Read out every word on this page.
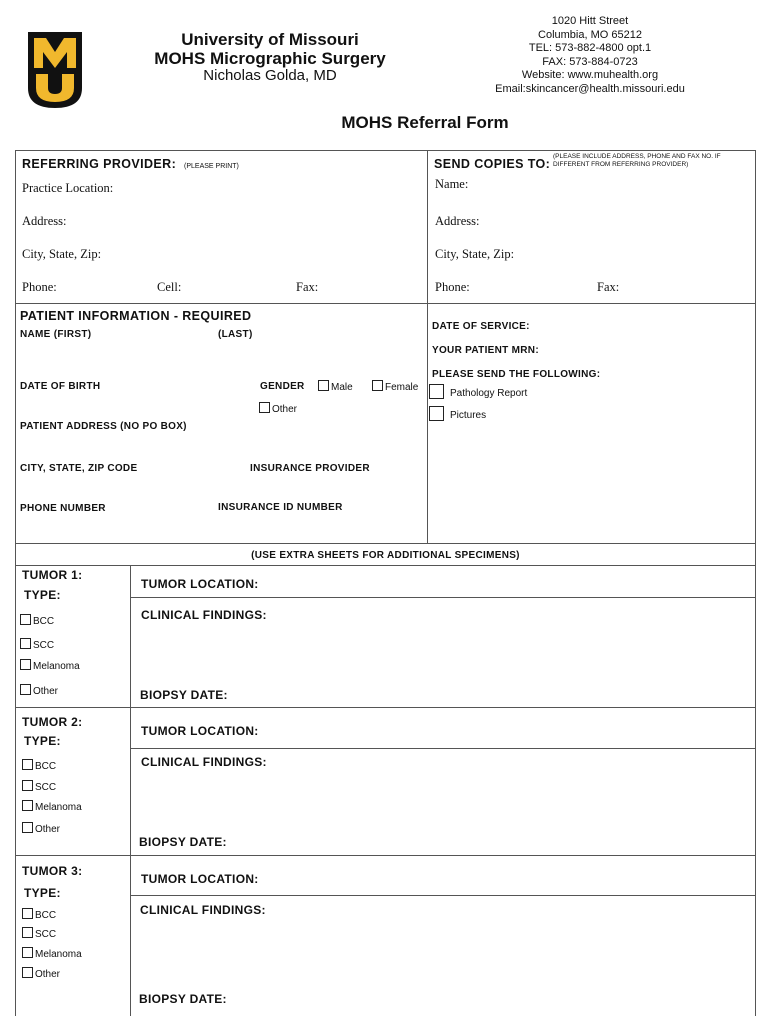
University of Missouri
MOHS Micrographic Surgery
Nicholas Golda, MD
1020 Hitt Street
Columbia, MO 65212
TEL: 573-882-4800 opt.1
FAX: 573-884-0723
Website: www.muhealth.org
Email:skincancer@health.missouri.edu
MOHS Referral Form
REFERRING PROVIDER: (PLEASE PRINT)
Practice Location:
Address:
City, State, Zip:
Phone:	Cell:	Fax:
SEND COPIES TO:
(PLEASE INCLUDE ADDRESS, PHONE AND FAX NO. IF DIFFERENT FROM REFERRING PROVIDER)
Name:
Address:
City, State, Zip:
Phone:	Fax:
PATIENT INFORMATION - REQUIRED
NAME (FIRST)	(LAST)
DATE OF BIRTH	GENDER	Male	Female
Other
PATIENT ADDRESS (NO PO BOX)
CITY, STATE, ZIP CODE	INSURANCE PROVIDER
PHONE NUMBER	INSURANCE ID NUMBER
DATE OF SERVICE:
YOUR PATIENT MRN:
PLEASE SEND THE FOLLOWING:
Pathology Report
Pictures
(USE EXTRA SHEETS FOR ADDITIONAL SPECIMENS)
TUMOR 1:
TYPE:
BCC
SCC
Melanoma
Other
TUMOR LOCATION:
CLINICAL FINDINGS:
BIOPSY DATE:
TUMOR 2:
TYPE:
BCC
SCC
Melanoma
Other
TUMOR LOCATION:
CLINICAL FINDINGS:
BIOPSY DATE:
TUMOR 3:
TYPE:
BCC
SCC
Melanoma
Other
TUMOR LOCATION:
CLINICAL FINDINGS:
BIOPSY DATE:
